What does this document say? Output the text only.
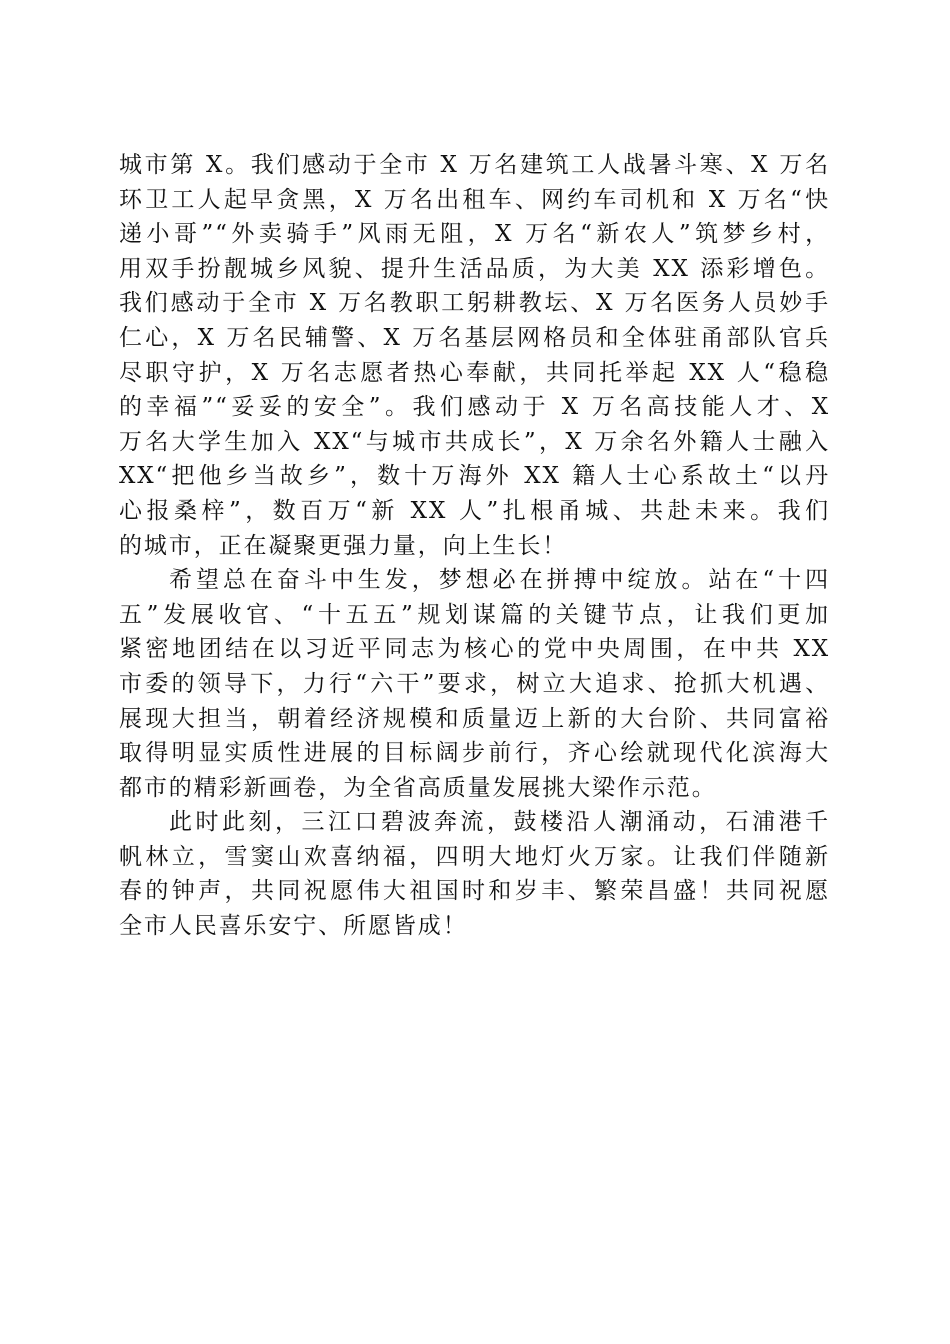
城市第 X。我们感动于全市 X 万名建筑工人战暑斗寒、X 万名
环卫工人起早贪黑，X 万名出租车、网约车司机和 X 万名“快
递小哥”“外卖骑手”风雨无阻，X 万名“新农人”筑梦乡村，
用双手扮靓城乡风貌、提升生活品质，为大美 XX 添彩增色。
我们感动于全市 X 万名教职工躬耕教坛、X 万名医务人员妙手
仁心，X 万名民辅警、X 万名基层网格员和全体驻甬部队官兵
尽职守护，X 万名志愿者热心奉献，共同托举起 XX 人“稳稳
的幸福”“妥妥的安全”。我们感动于 X 万名高技能人才、X
万名大学生加入 XX“与城市共成长”，X 万余名外籍人士融入
XX“把他乡当故乡”，数十万海外 XX 籍人士心系故土“以丹
心报桑梓”，数百万“新 XX 人”扎根甬城、共赴未来。我们
的城市，正在凝聚更强力量，向上生长！
希望总在奋斗中生发，梦想必在拼搏中绽放。站在“十四
五”发展收官、“十五五”规划谋篇的关键节点，让我们更加
紧密地团结在以习近平同志为核心的党中央周围，在中共 XX
市委的领导下，力行“六干”要求，树立大追求、抢抓大机遇、
展现大担当，朝着经济规模和质量迈上新的大台阶、共同富裕
取得明显实质性进展的目标阔步前行，齐心绘就现代化滨海大
都市的精彩新画卷，为全省高质量发展挑大梁作示范。
此时此刻，三江口碧波奔流，鼓楼沿人潮涌动，石浦港千
帆林立，雪窦山欢喜纳福，四明大地灯火万家。让我们伴随新
春的钟声，共同祝愿伟大祖国时和岁丰、繁荣昌盛！共同祝愿
全市人民喜乐安宁、所愿皆成！
